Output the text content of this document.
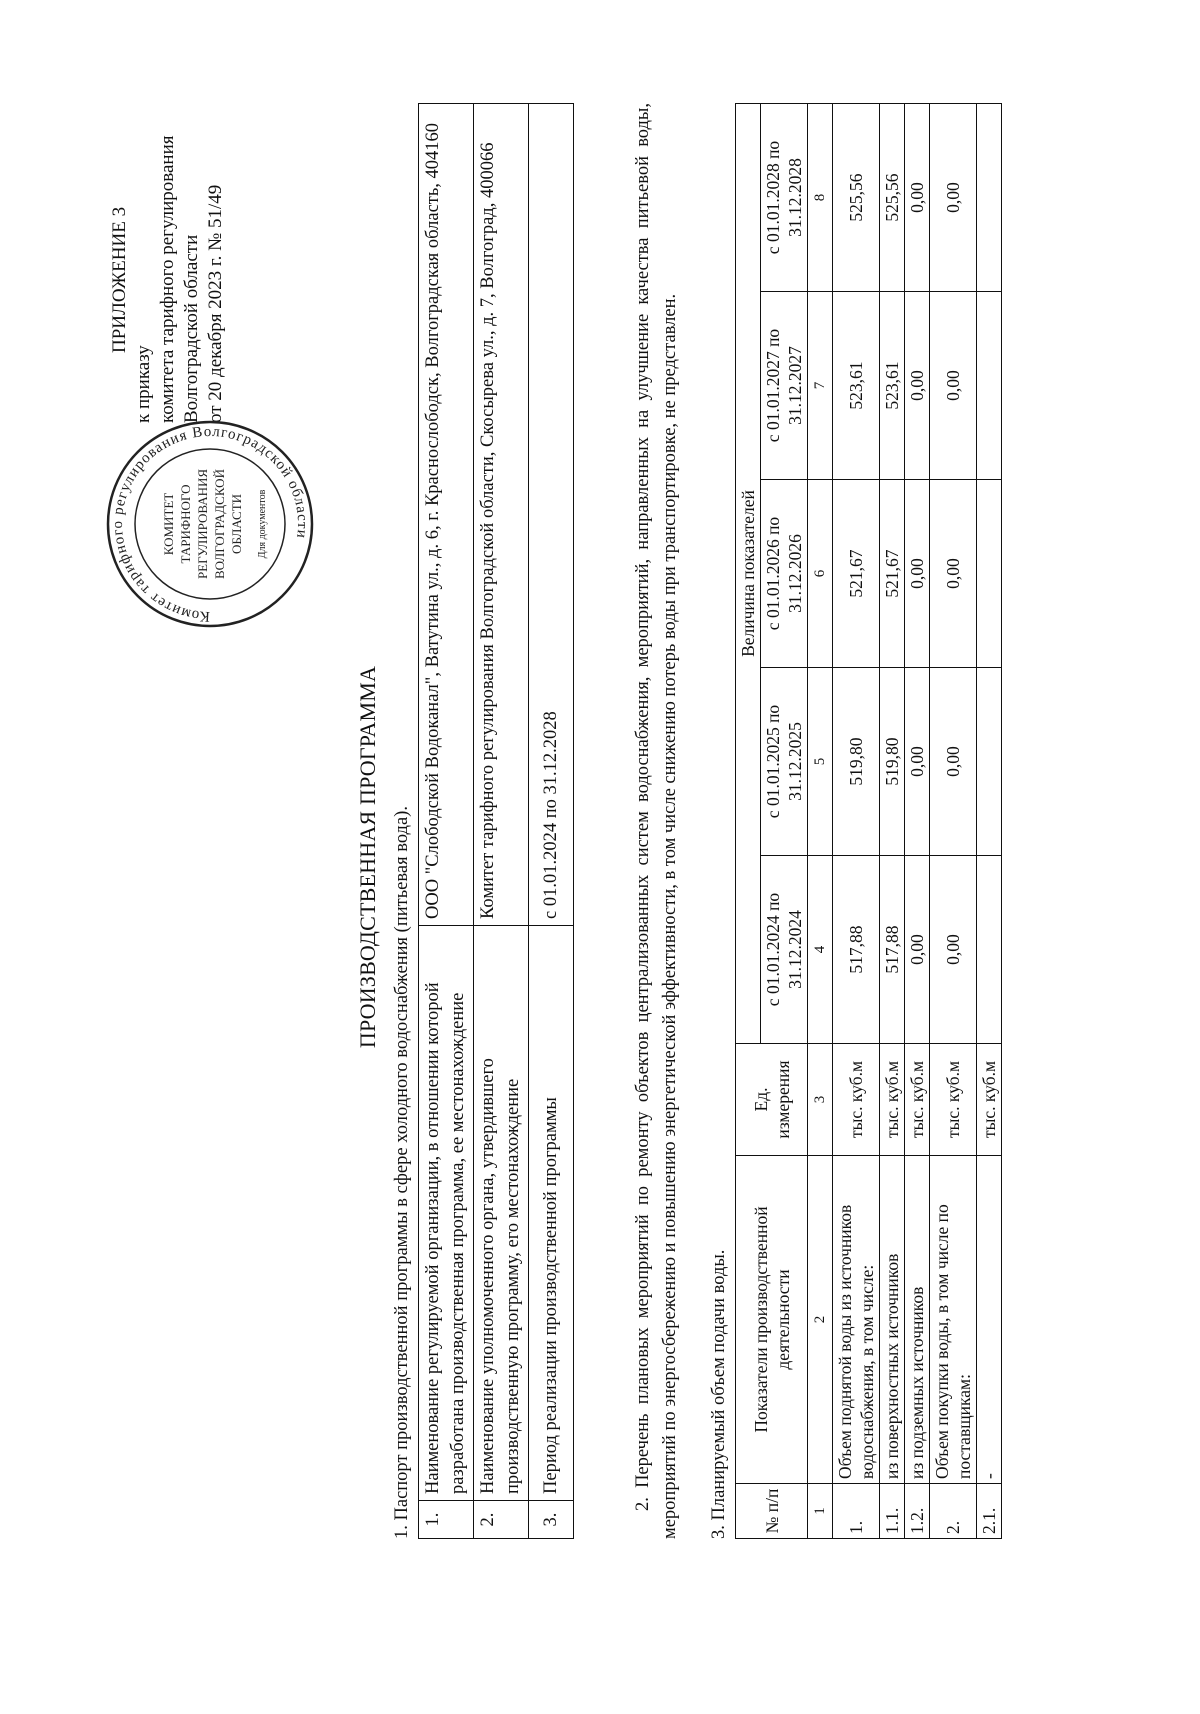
ПРИЛОЖЕНИЕ 3
к приказу комитета тарифного регулирования Волгоградской области от 20 декабря 2023 г. № 51/49
Комитет тарифного регулирования Волгоградской области
КОМИТЕТ ТАРИФНОГО РЕГУЛИРОВАНИЯ ВОЛГОГРАДСКОЙ ОБЛАСТИ Для документов
ПРОИЗВОДСТВЕННАЯ ПРОГРАММА 1. Паспорт производственной программы в сфере холодного водоснабжения (питьевая вода). 1.	Наименование регулируемой организации, в отношении которой разработана производственная программа, ее местонахождение	ООО "Слободской Водоканал", Ватутина ул., д. 6, г. Краснослободск, Волгоградская область, 404160
2.	Наименование уполномоченного органа, утвердившего производственную программу, его местонахождение	Комитет тарифного регулирования Волгоградской области, Скосырева ул., д. 7, Волгоград, 400066
3.	Период реализации производственной программы	с 01.01.2024 по 31.12.2028	2. Перечень плановых мероприятий по ремонту объектов централизованных систем водоснабжения, мероприятий, направленных на улучшение качества питьевой воды, мероприятий по энергосбережению и повышению энергетической эффективности, в том числе снижению потерь воды при транспортировке, не представлен. 3. Планируемый объем подачи воды. № п/п	Показатели производственной деятельности	Ед. измерения	Величина показателей				
			с 01.01.2024 по 31.12.2024	с 01.01.2025 по 31.12.2025	с 01.01.2026 по 31.12.2026	с 01.01.2027 по 31.12.2027	с 01.01.2028 по 31.12.2028
1	2	3	4	5	6	7	8
1.	Объем поднятой воды из источников водоснабжения, в том числе:	тыс. куб.м	517,88	519,80	521,67	523,61	525,56
1.1.	из поверхностных источников	тыс. куб.м	517,88	519,80	521,67	523,61	525,56
1.2.	из подземных источников	тыс. куб.м	0,00	0,00	0,00	0,00	0,00
2.	Объем покупки воды, в том числе по поставщикам:	тыс. куб.м	0,00	0,00	0,00	0,00	0,00
2.1.	-	тыс. куб.м					
